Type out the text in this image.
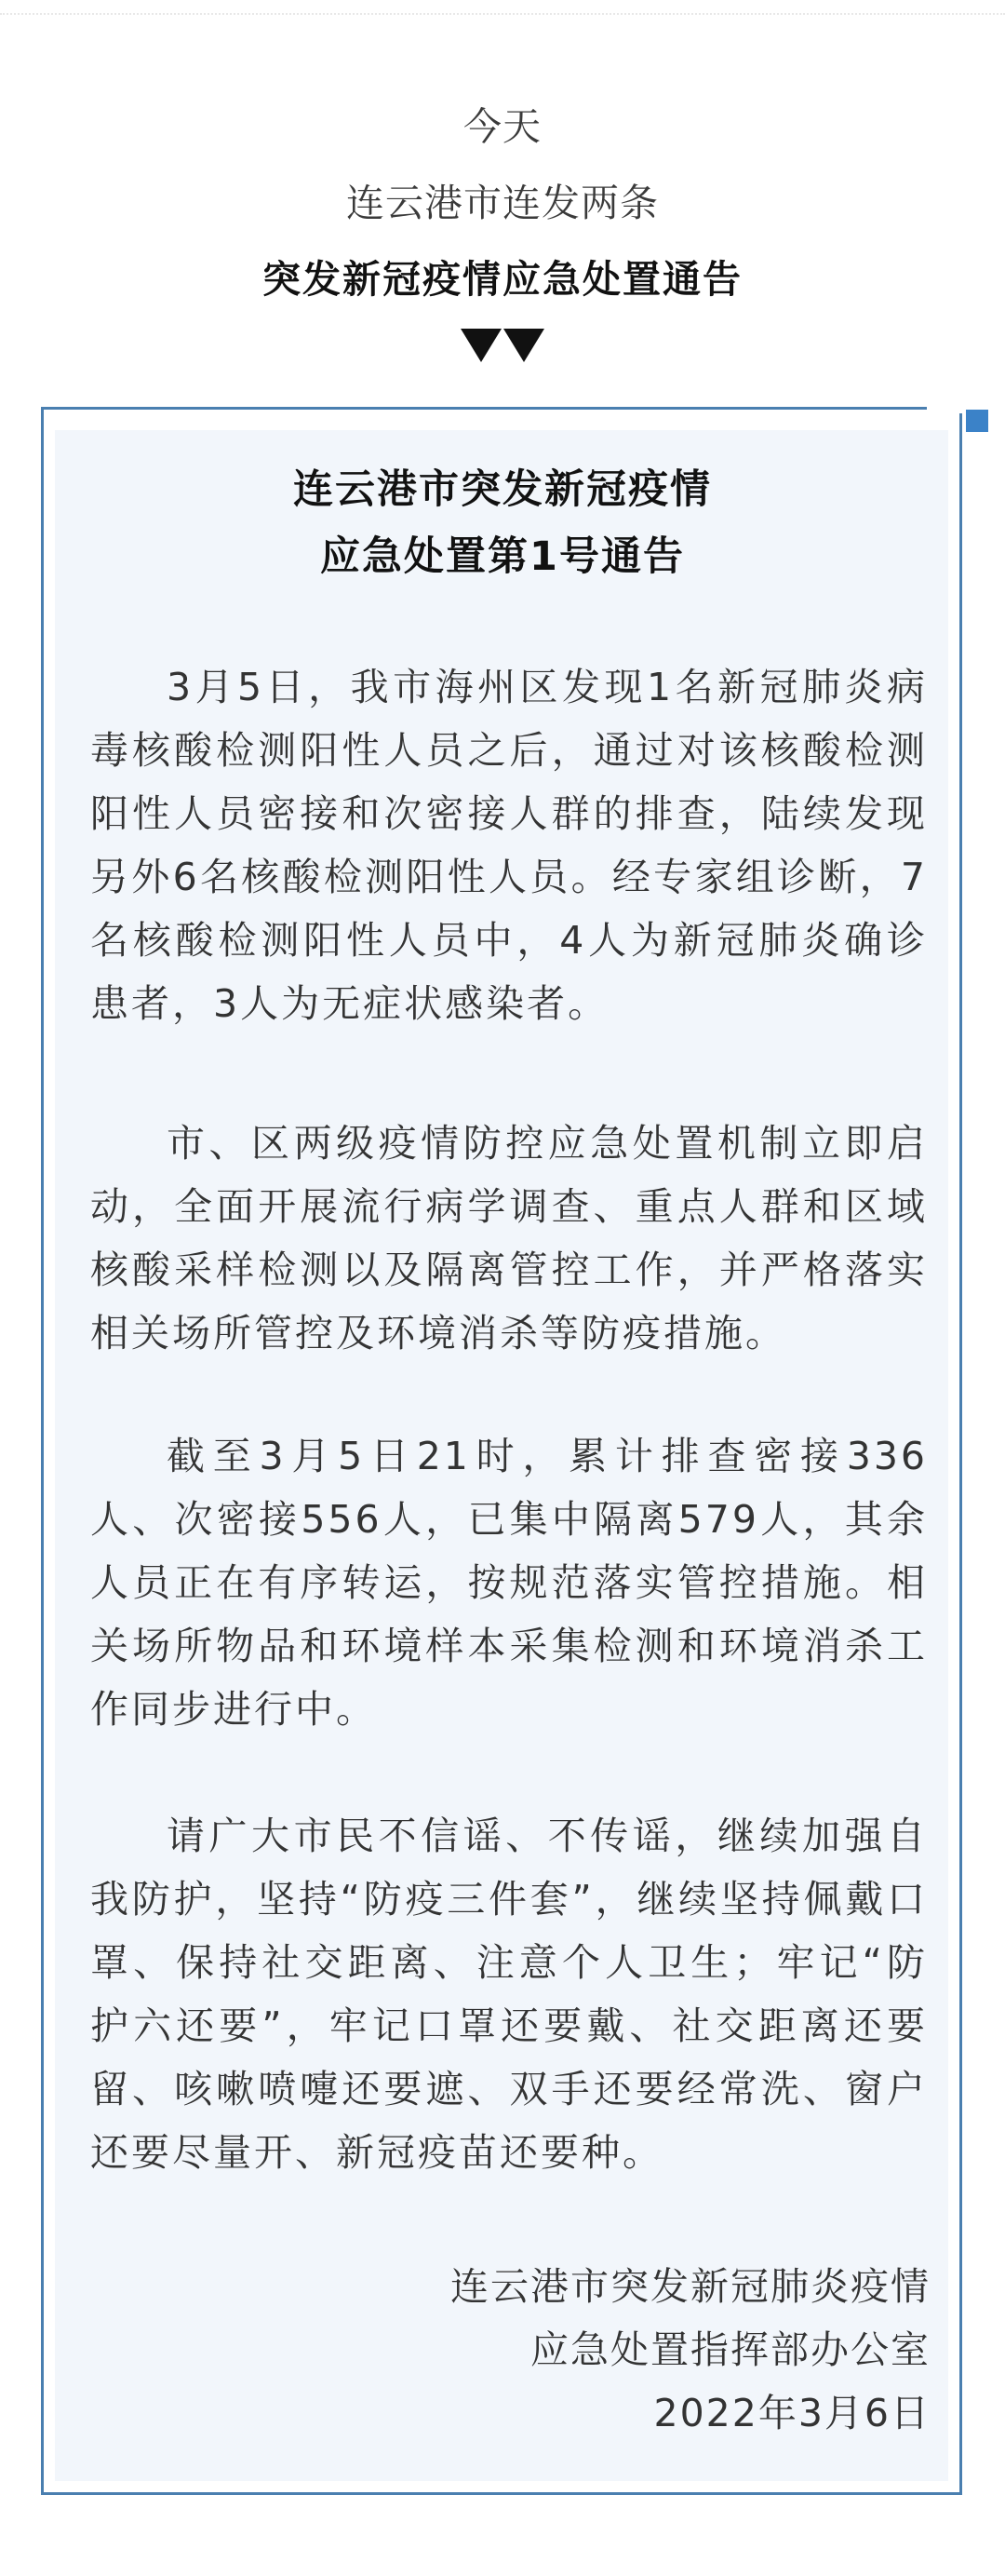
今天
连云港市连发两条
突发新冠疫情应急处置通告
连云港市突发新冠疫情
应急处置第1号通告

3月5日，我市海州区发现1名新冠肺炎病毒核酸检测阳性人员之后，通过对该核酸检测阳性人员密接和次密接人群的排查，陆续发现另外6名核酸检测阳性人员。经专家组诊断，7名核酸检测阳性人员中，4人为新冠肺炎确诊患者，3人为无症状感染者。

市、区两级疫情防控应急处置机制立即启动，全面开展流行病学调查、重点人群和区域核酸采样检测以及隔离管控工作，并严格落实相关场所管控及环境消杀等防疫措施。

截至3月5日21时，累计排查密接336人、次密接556人，已集中隔离579人，其余人员正在有序转运，按规范落实管控措施。相关场所物品和环境样本采集检测和环境消杀工作同步进行中。

请广大市民不信谣、不传谣，继续加强自我防护，坚持“防疫三件套”，继续坚持佩戴口罩、保持社交距离、注意个人卫生；牢记“防护六还要”，牢记口罩还要戴、社交距离还要留、咳嗽喷嚏还要遮、双手还要经常洗、窗户还要尽量开、新冠疫苗还要种。

连云港市突发新冠肺炎疫情
应急处置指挥部办公室
2022年3月6日
